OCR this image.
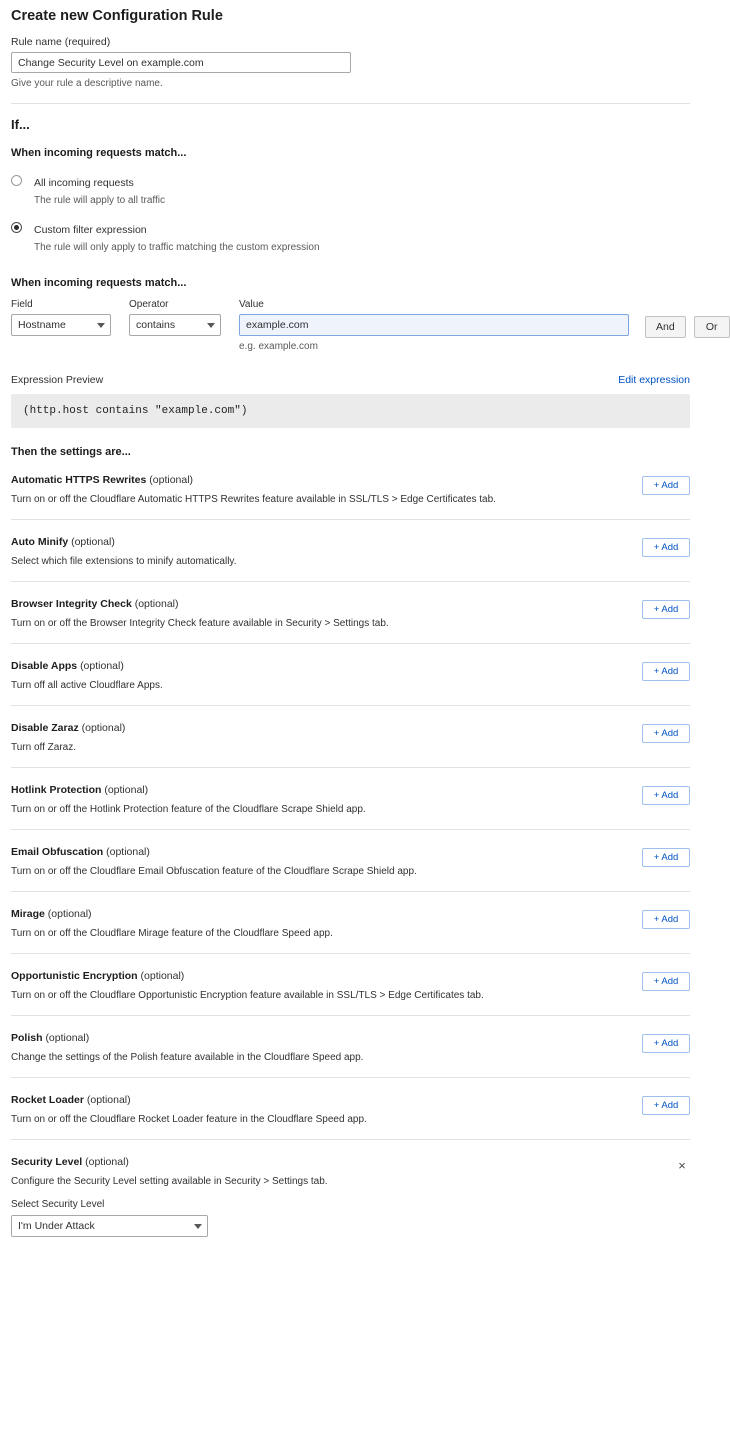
Create new Configuration Rule
Rule name (required)
Change Security Level on example.com
Give your rule a descriptive name.
If...
When incoming requests match...
All incoming requests
The rule will apply to all traffic
Custom filter expression
The rule will only apply to traffic matching the custom expression
When incoming requests match...
Field
Hostname
Operator
contains
Value
example.com
e.g. example.com
And	Or
Expression Preview	Edit expression
(http.host contains "example.com")
Then the settings are...
Automatic HTTPS Rewrites (optional)
Turn on or off the Cloudflare Automatic HTTPS Rewrites feature available in SSL/TLS > Edge Certificates tab.
+ Add
Auto Minify (optional)
Select which file extensions to minify automatically.
+ Add
Browser Integrity Check (optional)
Turn on or off the Browser Integrity Check feature available in Security > Settings tab.
+ Add
Disable Apps (optional)
Turn off all active Cloudflare Apps.
+ Add
Disable Zaraz (optional)
Turn off Zaraz.
+ Add
Hotlink Protection (optional)
Turn on or off the Hotlink Protection feature of the Cloudflare Scrape Shield app.
+ Add
Email Obfuscation (optional)
Turn on or off the Cloudflare Email Obfuscation feature of the Cloudflare Scrape Shield app.
+ Add
Mirage (optional)
Turn on or off the Cloudflare Mirage feature of the Cloudflare Speed app.
+ Add
Opportunistic Encryption (optional)
Turn on or off the Cloudflare Opportunistic Encryption feature available in SSL/TLS > Edge Certificates tab.
+ Add
Polish (optional)
Change the settings of the Polish feature available in the Cloudflare Speed app.
+ Add
Rocket Loader (optional)
Turn on or off the Cloudflare Rocket Loader feature in the Cloudflare Speed app.
+ Add
Security Level (optional)
Configure the Security Level setting available in Security > Settings tab.
Select Security Level
I'm Under Attack
×
